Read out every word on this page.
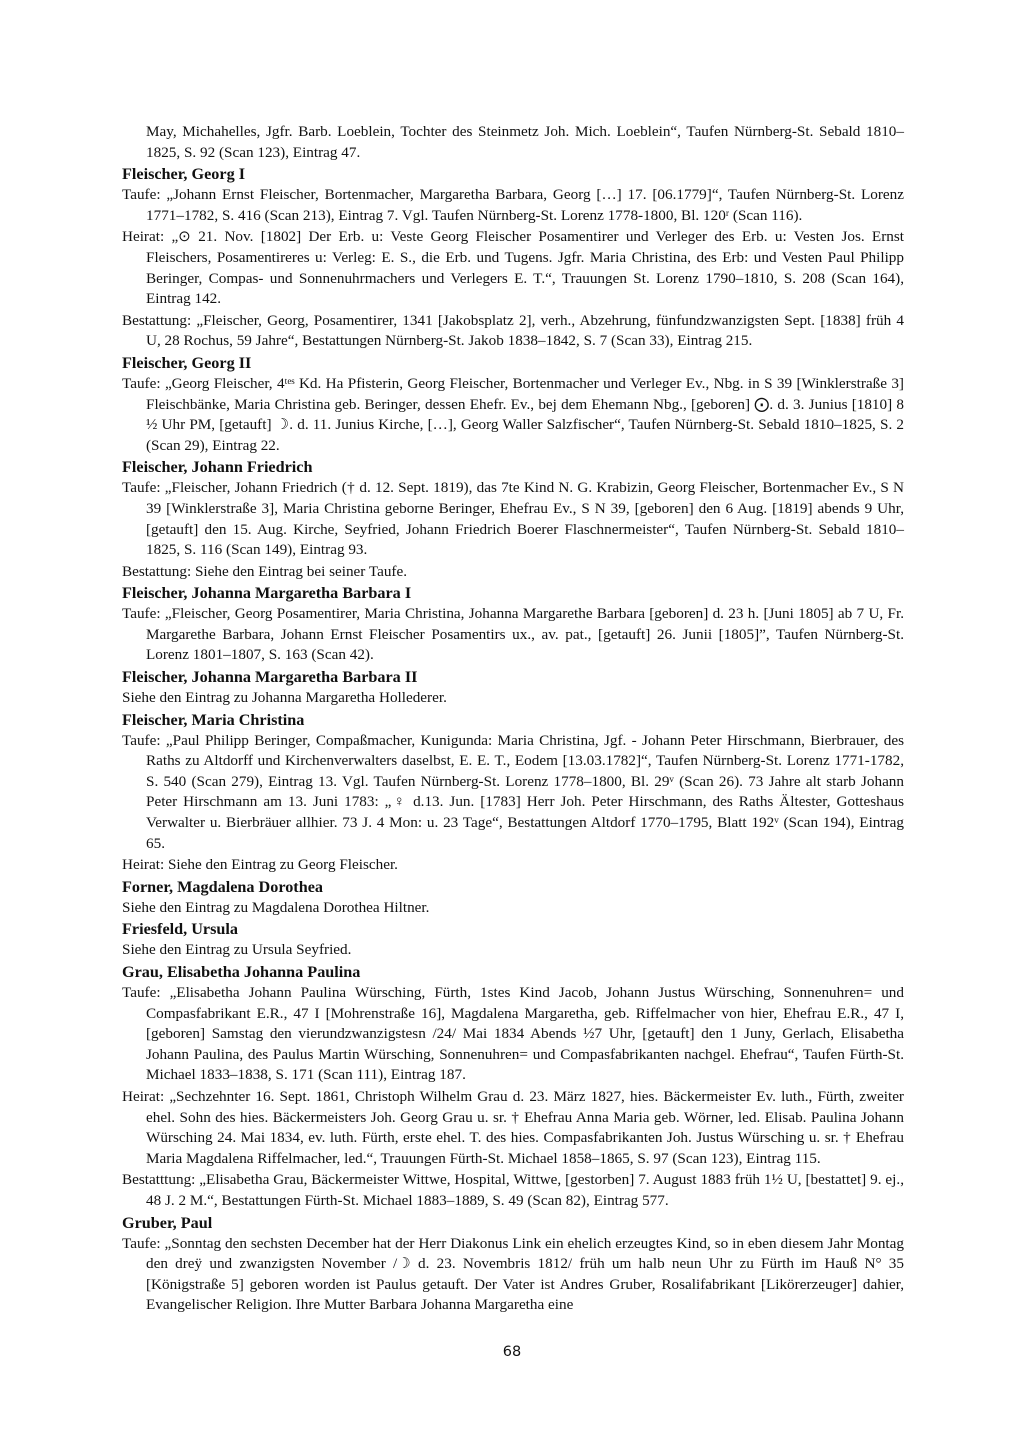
May, Michahelles, Jgfr. Barb. Loeblein, Tochter des Steinmetz Joh. Mich. Loeblein“, Taufen Nürnberg-St. Sebald 1810–1825, S. 92 (Scan 123), Eintrag 47.

Fleischer, Georg I

Taufe: „Johann Ernst Fleischer, Bortenmacher, Margaretha Barbara, Georg […] 17. [06.1779]“, Taufen Nürnberg-St. Lorenz 1771–1782, S. 416 (Scan 213), Eintrag 7. Vgl. Taufen Nürnberg-St. Lorenz 1778-1800, Bl. 120ʳ (Scan 116).

Heirat: „⊙ 21. Nov. [1802] Der Erb. u: Veste Georg Fleischer Posamentirer und Verleger des Erb. u: Vesten Jos. Ernst Fleischers, Posamentireres u: Verleg: E. S., die Erb. und Tugens. Jgfr. Maria Christina, des Erb: und Vesten Paul Philipp Beringer, Compas- und Sonnenuhrmachers und Verlegers E. T.“, Trauungen St. Lorenz 1790–1810, S. 208 (Scan 164), Eintrag 142.

Bestattung: „Fleischer, Georg, Posamentirer, 1341 [Jakobsplatz 2], verh., Abzehrung, fünfundzwanzigsten Sept. [1838] früh 4 U, 28 Rochus, 59 Jahre“, Bestattungen Nürnberg-St. Jakob 1838–1842, S. 7 (Scan 33), Eintrag 215.

Fleischer, Georg II

Taufe: „Georg Fleischer, 4ᵗᵉˢ Kd. Ha Pfisterin, Georg Fleischer, Bortenmacher und Verleger Ev., Nbg. in S 39 [Winklerstraße 3] Fleischbänke, Maria Christina geb. Beringer, dessen Ehefr. Ev., bej dem Ehemann Nbg., [geboren] ⨀. d. 3. Junius [1810] 8 ½ Uhr PM, [getauft] ☽. d. 11. Junius Kirche, […], Georg Waller Salzfischer“, Taufen Nürnberg-St. Sebald 1810–1825, S. 2 (Scan 29), Eintrag 22.

Fleischer, Johann Friedrich

Taufe: „Fleischer, Johann Friedrich († d. 12. Sept. 1819), das 7te Kind N. G. Krabizin, Georg Fleischer, Bortenmacher Ev., S N 39 [Winklerstraße 3], Maria Christina geborne Beringer, Ehefrau Ev., S N 39, [geboren] den 6 Aug. [1819] abends 9 Uhr, [getauft] den 15. Aug. Kirche, Seyfried, Johann Friedrich Boerer Flaschnermeister“, Taufen Nürnberg-St. Sebald 1810–1825, S. 116 (Scan 149), Eintrag 93.

Bestattung: Siehe den Eintrag bei seiner Taufe.

Fleischer, Johanna Margaretha Barbara I

Taufe: „Fleischer, Georg Posamentirer, Maria Christina, Johanna Margarethe Barbara [geboren] d. 23 h. [Juni 1805] ab 7 U, Fr. Margarethe Barbara, Johann Ernst Fleischer Posamentirs ux., av. pat., [getauft] 26. Junii [1805]”, Taufen Nürnberg-St. Lorenz 1801–1807, S. 163 (Scan 42).

Fleischer, Johanna Margaretha Barbara II

Siehe den Eintrag zu Johanna Margaretha Hollederer.

Fleischer, Maria Christina

Taufe: „Paul Philipp Beringer, Compaßmacher, Kunigunda: Maria Christina, Jgf. - Johann Peter Hirschmann, Bierbrauer, des Raths zu Altdorff und Kirchenverwalters daselbst, E. E. T., Eodem [13.03.1782]“, Taufen Nürnberg-St. Lorenz 1771-1782, S. 540 (Scan 279), Eintrag 13. Vgl. Taufen Nürnberg-St. Lorenz 1778–1800, Bl. 29ᵛ (Scan 26). 73 Jahre alt starb Johann Peter Hirschmann am 13. Juni 1783: „♀ d.13. Jun. [1783] Herr Joh. Peter Hirschmann, des Raths Ältester, Gotteshaus Verwalter u. Bierbräuer allhier. 73 J. 4 Mon: u. 23 Tage“, Bestattungen Altdorf 1770–1795, Blatt 192ᵛ (Scan 194), Eintrag 65.

Heirat: Siehe den Eintrag zu Georg Fleischer.

Forner, Magdalena Dorothea

Siehe den Eintrag zu Magdalena Dorothea Hiltner.

Friesfeld, Ursula

Siehe den Eintrag zu Ursula Seyfried.

Grau, Elisabetha Johanna Paulina

Taufe: „Elisabetha Johann Paulina Würsching, Fürth, 1stes Kind Jacob, Johann Justus Würsching, Sonnenuhren= und Compasfabrikant E.R., 47 I [Mohrenstraße 16], Magdalena Margaretha, geb. Riffelmacher von hier, Ehefrau E.R., 47 I, [geboren] Samstag den vierundzwanzigstesn /24/ Mai 1834 Abends ½7 Uhr, [getauft] den 1 Juny, Gerlach, Elisabetha Johann Paulina, des Paulus Martin Würsching, Sonnenuhren= und Compasfabrikanten nachgel. Ehefrau“, Taufen Fürth-St. Michael 1833–1838, S. 171 (Scan 111), Eintrag 187.

Heirat: „Sechzehnter 16. Sept. 1861, Christoph Wilhelm Grau d. 23. März 1827, hies. Bäckermeister Ev. luth., Fürth, zweiter ehel. Sohn des hies. Bäckermeisters Joh. Georg Grau u. sr. † Ehefrau Anna Maria geb. Wörner, led. Elisab. Paulina Johann Würsching 24. Mai 1834, ev. luth. Fürth, erste ehel. T. des hies. Compasfabrikanten Joh. Justus Würsching u. sr. † Ehefrau Maria Magdalena Riffelmacher, led.“, Trauungen Fürth-St. Michael 1858–1865, S. 97 (Scan 123), Eintrag 115.

Bestatttung: „Elisabetha Grau, Bäckermeister Wittwe, Hospital, Wittwe, [gestorben] 7. August 1883 früh 1½ U, [bestattet] 9. ej., 48 J. 2 M.“, Bestattungen Fürth-St. Michael 1883–1889, S. 49 (Scan 82), Eintrag 577.

Gruber, Paul

Taufe: „Sonntag den sechsten December hat der Herr Diakonus Link ein ehelich erzeugtes Kind, so in eben diesem Jahr Montag den dreÿ und zwanzigsten November /☽ d. 23. Novembris 1812/ früh um halb neun Uhr zu Fürth im Hauß N° 35 [Königstraße 5] geboren worden ist Paulus getauft. Der Vater ist Andres Gruber, Rosalifabrikant [Likörerzeuger] dahier, Evangelischer Religion. Ihre Mutter Barbara Johanna Margaretha eine

68
